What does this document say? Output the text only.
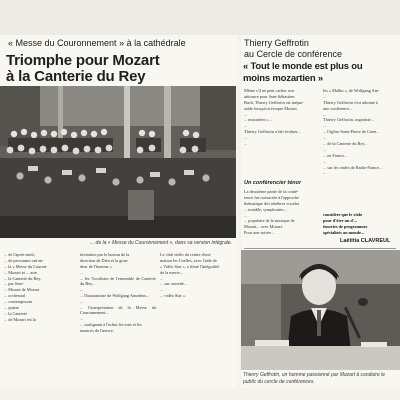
« Messe du Couronnement » à la cathédrale

Triomphe pour Mozart
à la Canterie du Rey

... de la « Messe du Couronnement », dans sa version intégrale.

... de l'aprés-midi,

... de personnes ont en-

... la « Messe du Couron-

... Mozart et ... acte

... la Canterie du Rey,

... par Jean-

... Mozart de Mozart

... orchestral

... contemporain

... quatre

... la Canterie

... de Mozart est la

invitation par le bureau de la

direction de Dieu et la gran-

deur de l'homme »

...

... les Vocalistes de l'ensemble de Canterie du Rey...

...

... l'humanisme de Wolfgang Amadeus...

...

... l'interprétation de la Messe du Couronnement...

...

... soulignant à l'infini les tons et les

nuances de l'œuvre.

Le club vidéo du centre d'ani-

mation les Uselles, avec l'aide de

« Vidéo Star », a filmé l'intégralité

de la messe...

...

... sur cassette...

...

... vidéo Star ».

Thierry Geffrotin

au Cercle de conférence

« Tout le monde est plus ou
moins mozartien »

Même s'il ne peut cacher son

attirance pour Jean-Sébastien

Bach, Thierry Geffrotin est inépui-

sable lorsqu'on évoque Mozart.

...

... mozartien »...

...

Thierry Geffrotin a fait évoluer...

...

...

Un conférencier ténor

La deuxième partie de la confé-

rence fut consacrée à l'approche

thématique des ténèbres vocales

... notable, symphonies...

...

... populaire de la musique de

Mozart... avec Mozart.

Pour une soirée...

les « Mallin », de Wolfgang Am-

...

Thierry Geffrotin s'est adonné à

une conférence...

...

Thierry Geffrotin, organiste...

...

... l'église Saint-Pierre de Caen...

...

... de la Canterie du Rey...

...

... en France...

...

... sur les ondes de Radio-France...

...

considère que le violo

pour d'être un d'...

tisseries de programmes

spécialisés au monde...

Laëtitia CLAVREUL

Thierry Geffrotin, un homme passionné par Mozart à conduire le public du cercle de conférences.
